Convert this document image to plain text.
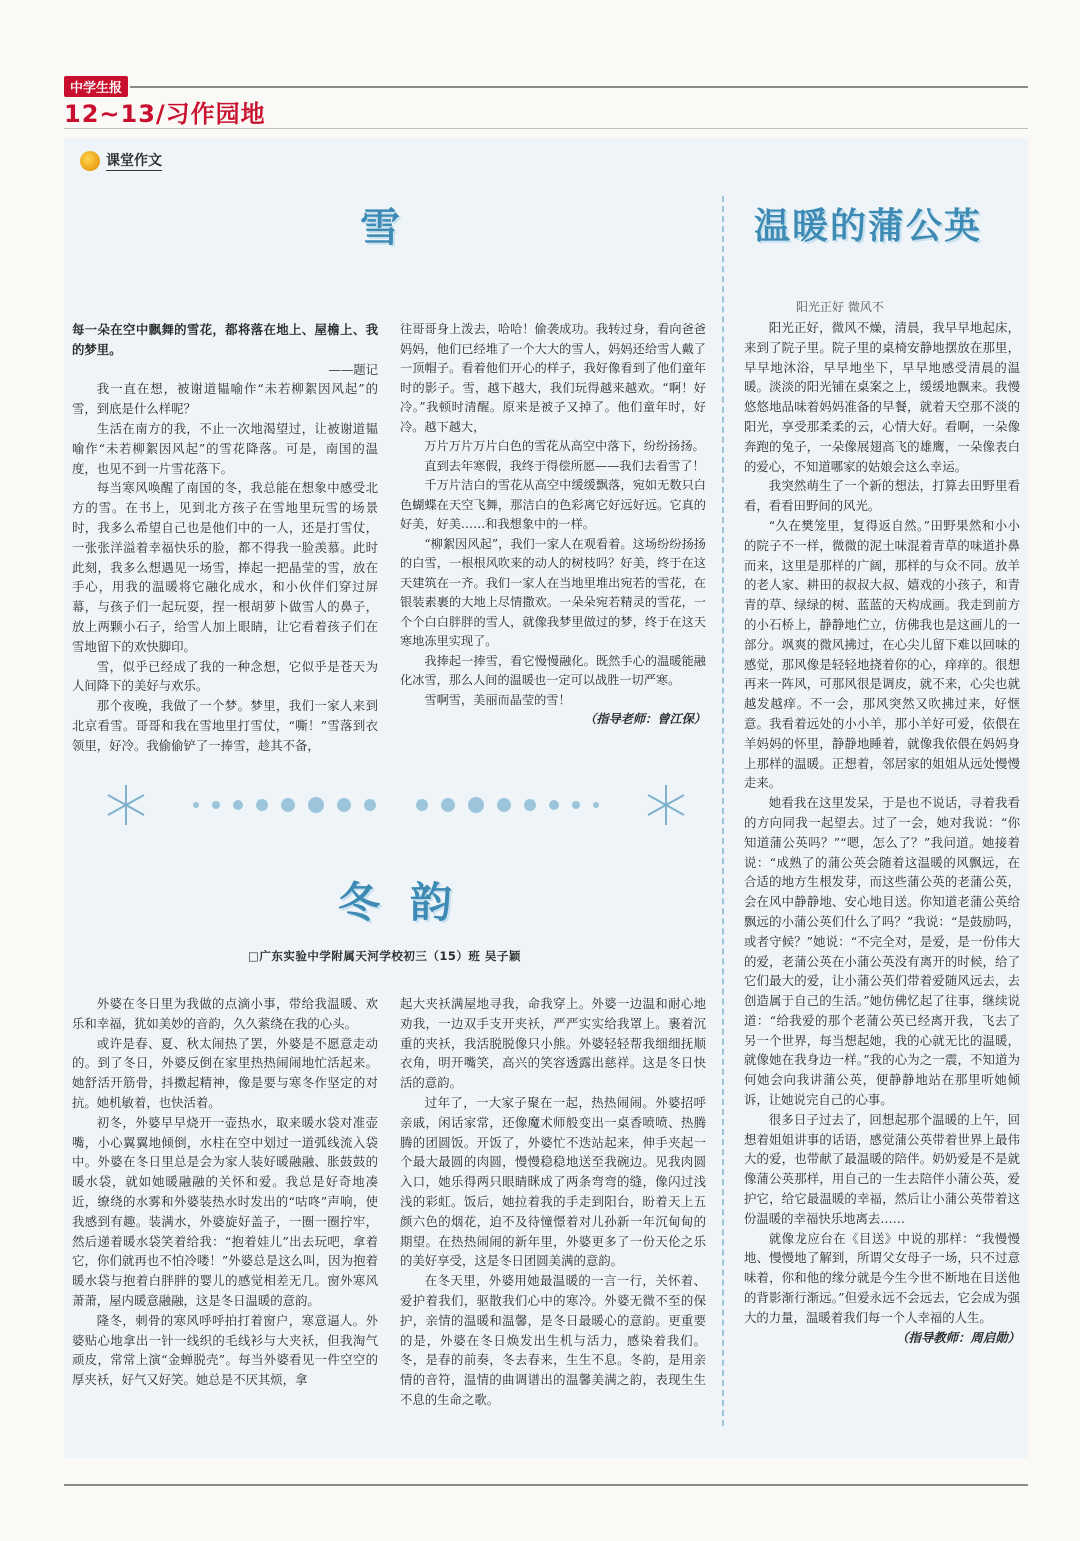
中学生报
12~13/习作园地
课堂作文
雪

每一朵在空中飘舞的雪花，都将落在地上、屋檐上、我的梦里。

——题记

我一直在想，被谢道韫喻作“未若柳絮因风起”的雪，到底是什么样呢？

生活在南方的我，不止一次地渴望过，让被谢道韫喻作“未若柳絮因风起”的雪花降落。可是，南国的温度，也见不到一片雪花落下。

每当寒风唤醒了南国的冬，我总能在想象中感受北方的雪。在书上，见到北方孩子在雪地里玩雪的场景时，我多么希望自己也是他们中的一人，还是打雪仗，一张张洋溢着幸福快乐的脸，都不得我一脸羡慕。此时此刻，我多么想遇见一场雪，捧起一把晶莹的雪，放在手心，用我的温暖将它融化成水，和小伙伴们穿过屏幕，与孩子们一起玩耍，捏一根胡萝卜做雪人的鼻子，放上两颗小石子，给雪人加上眼睛，让它看着孩子们在雪地留下的欢快脚印。

雪，似乎已经成了我的一种念想，它似乎是苍天为人间降下的美好与欢乐。

那个夜晚，我做了一个梦。梦里，我们一家人来到北京看雪。哥哥和我在雪地里打雪仗，“嘶！”雪落到衣领里，好冷。我偷偷铲了一捧雪，趁其不备，

往哥哥身上泼去，哈哈！偷袭成功。我转过身，看向爸爸妈妈，他们已经堆了一个大大的雪人，妈妈还给雪人戴了一顶帽子。看着他们开心的样子，我好像看到了他们童年时的影子。雪，越下越大，我们玩得越来越欢。“啊！好冷。”我顿时清醒。原来是被子又掉了。他们童年时，好冷。越下越大，

万片万片万片白色的雪花从高空中落下，纷纷扬扬。

直到去年寒假，我终于得偿所愿——我们去看雪了！

千万片洁白的雪花从高空中缓缓飘落，宛如无数只白色蝴蝶在天空飞舞，那洁白的色彩离它好远好远。它真的好美，好美……和我想象中的一样。

“柳絮因风起”，我们一家人在观看着。这场纷纷扬扬的白雪，一根根风吹来的动人的树枝吗？好美，终于在这天建筑在一齐。我们一家人在当地里堆出宛若的雪花，在银装素裹的大地上尽情撒欢。一朵朵宛若精灵的雪花，一个个白白胖胖的雪人，就像我梦里做过的梦，终于在这天寒地冻里实现了。

我捧起一捧雪，看它慢慢融化。既然手心的温暖能融化冰雪，那么人间的温暖也一定可以战胜一切严寒。

雪啊雪，美丽而晶莹的雪！

（指导老师：曾江保）

冬韵
□广东实验中学附属天河学校初三（15）班 吴子颖

外婆在冬日里为我做的点滴小事，带给我温暖、欢乐和幸福，犹如美妙的音韵，久久萦绕在我的心头。

或许是春、夏、秋太闹热了罢，外婆是不愿意走动的。到了冬日，外婆反倒在家里热热闹闹地忙活起来。她舒活开筋骨，抖擞起精神，像是要与寒冬作坚定的对抗。她机敏着，也快活着。

初冬，外婆早早烧开一壶热水，取来暖水袋对准壶嘴，小心翼翼地倾倒，水柱在空中划过一道弧线流入袋中。外婆在冬日里总是会为家人装好暖融融、胀鼓鼓的暖水袋，就如她暖融融的关怀和爱。我总是好奇地凑近，缭绕的水雾和外婆装热水时发出的“咕咚”声响，使我感到有趣。装满水，外婆旋好盖子，一圈一圈拧牢，然后递着暖水袋笑着给我：“抱着娃儿”出去玩吧，拿着它，你们就再也不怕冷喽！”外婆总是这么叫，因为抱着暖水袋与抱着白胖胖的婴儿的感觉相差无几。窗外寒风萧萧，屋内暖意融融，这是冬日温暖的意韵。

隆冬，刺骨的寒风呼呼拍打着窗户，寒意逼人。外婆贴心地拿出一针一线织的毛线衫与大夹袄，但我淘气顽皮，常常上演“金蝉脱壳”。每当外婆看见一件空空的厚夹袄，好气又好笑。她总是不厌其烦，拿

起大夹袄满屋地寻我，命我穿上。外婆一边温和耐心地劝我，一边双手支开夹袄，严严实实给我罩上。裹着沉重的夹袄，我活脱脱像只小熊。外婆轻轻帮我细细抚顺衣角，明开嘴笑，高兴的笑容透露出慈祥。这是冬日快活的意韵。

过年了，一大家子聚在一起，热热闹闹。外婆招呼亲戚，闲话家常，还像魔术师般变出一桌香喷喷、热腾腾的团圆饭。开饭了，外婆忙不迭站起来，伸手夹起一个最大最圆的肉圆，慢慢稳稳地送至我碗边。见我肉圆入口，她乐得两只眼睛眯成了两条弯弯的缝，像闪过浅浅的彩虹。饭后，她拉着我的手走到阳台，盼着天上五颜六色的烟花，迫不及待憧憬着对儿孙新一年沉甸甸的期望。在热热闹闹的新年里，外婆更多了一份天伦之乐的美好享受，这是冬日团圆美满的意韵。

在冬天里，外婆用她最温暖的一言一行，关怀着、爱护着我们，驱散我们心中的寒冷。外婆无微不至的保护，亲情的温暖和温馨，是冬日最暖心的意韵。更重要的是，外婆在冬日焕发出生机与活力，感染着我们。冬，是春的前奏，冬去春来，生生不息。冬韵，是用亲情的音符，温情的曲调谱出的温馨美满之韵，表现生生不息的生命之歌。

温暖的蒲公英
阳光正好 微风不

阳光正好，微风不燥，清晨，我早早地起床，来到了院子里。院子里的桌椅安静地摆放在那里，早早地沐浴，早早地坐下，早早地感受清晨的温暖。淡淡的阳光铺在桌案之上，缓缓地飘来。我慢悠悠地品味着妈妈准备的早餐，就着天空那不淡的阳光，享受那柔柔的云，心情大好。看啊，一朵像奔跑的兔子，一朵像展翅高飞的雄鹰，一朵像表白的爱心，不知道哪家的姑娘会这么幸运。

我突然萌生了一个新的想法，打算去田野里看看，看看田野间的风光。

“久在樊笼里，复得返自然。”田野果然和小小的院子不一样，微微的泥土味混着青草的味道扑鼻而来，这里是那样的广阔，那样的与众不同。放羊的老人家、耕田的叔叔大叔、嬉戏的小孩子，和青青的草、绿绿的树、蓝蓝的天构成画。我走到前方的小石桥上，静静地伫立，仿佛我也是这画儿的一部分。飒爽的微风拂过，在心尖儿留下难以回味的感觉，那风像是轻轻地挠着你的心，痒痒的。很想再来一阵风，可那风很是调皮，就不来，心尖也就越发越痒。不一会，那风突然又吹拂过来，好惬意。我看着远处的小小羊，那小羊好可爱，依偎在羊妈妈的怀里，静静地睡着，就像我依偎在妈妈身上那样的温暖。正想着，邻居家的姐姐从远处慢慢走来。

她看我在这里发呆，于是也不说话，寻着我看的方向同我一起望去。过了一会，她对我说：“你知道蒲公英吗？”“嗯，怎么了？”我问道。她接着说：“成熟了的蒲公英会随着这温暖的风飘远，在合适的地方生根发芽，而这些蒲公英的老蒲公英，会在风中静静地、安心地目送。你知道老蒲公英给飘远的小蒲公英们什么了吗？”我说：“是鼓励吗，或者守候？”她说：“不完全对，是爱，是一份伟大的爱，老蒲公英在小蒲公英没有离开的时候，给了它们最大的爱，让小蒲公英们带着爱随风远去，去创造属于自己的生活。”她仿佛忆起了往事，继续说道：“给我爱的那个老蒲公英已经离开我，飞去了另一个世界，每当想起她，我的心就无比的温暖，就像她在我身边一样。”我的心为之一震，不知道为何她会向我讲蒲公英，便静静地站在那里听她倾诉，让她说完自己的心事。

很多日子过去了，回想起那个温暖的上午，回想着姐姐讲事的话语，感觉蒲公英带着世界上最伟大的爱，也带献了最温暖的陪伴。奶奶爱是不是就像蒲公英那样，用自己的一生去陪伴小蒲公英，爱护它，给它最温暖的幸福，然后让小蒲公英带着这份温暖的幸福快乐地离去……

就像龙应台在《目送》中说的那样：“我慢慢地、慢慢地了解到，所谓父女母子一场，只不过意味着，你和他的缘分就是今生今世不断地在目送他的背影渐行渐远。”但爱永远不会远去，它会成为强大的力量，温暖着我们每一个人幸福的人生。

（指导教师：周启勋）
